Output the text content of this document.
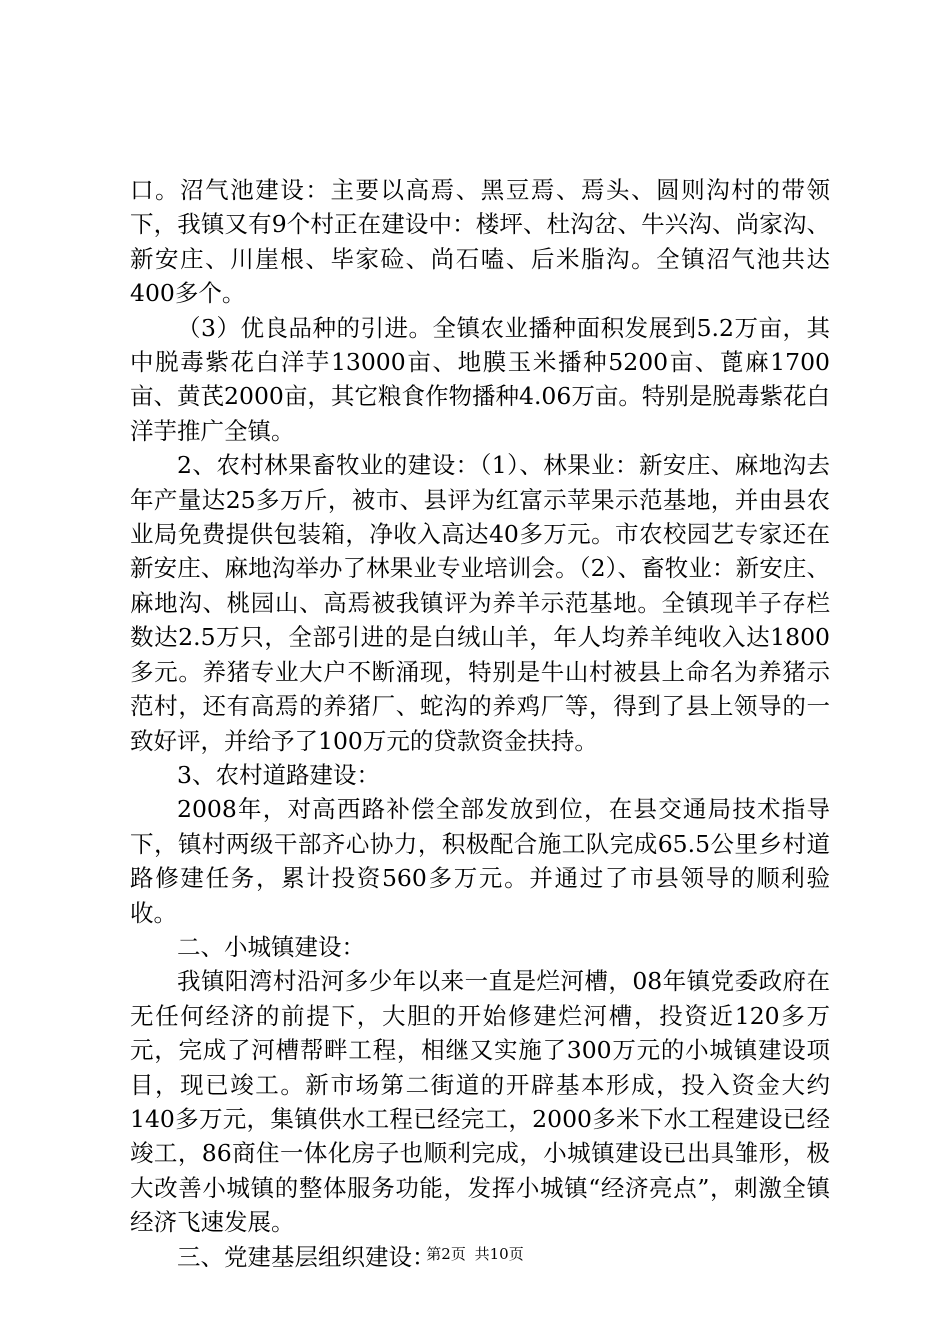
口。沼气池建设：主要以高焉、黑豆焉、焉头、圆则沟村的带领下，我镇又有9个村正在建设中：楼坪、杜沟岔、牛兴沟、尚家沟、新安庄、川崖根、毕家硷、尚石嗑、后米脂沟。全镇沼气池共达400多个。

（3）优良品种的引进。全镇农业播种面积发展到5.2万亩，其中脱毒紫花白洋芋13000亩、地膜玉米播种5200亩、蓖麻1700亩、黄芪2000亩，其它粮食作物播种4.06万亩。特别是脱毒紫花白洋芋推广全镇。

2、农村林果畜牧业的建设：（1）、林果业：新安庄、麻地沟去年产量达25多万斤，被市、县评为红富示苹果示范基地，并由县农业局免费提供包装箱，净收入高达40多万元。市农校园艺专家还在新安庄、麻地沟举办了林果业专业培训会。（2）、畜牧业：新安庄、麻地沟、桃园山、高焉被我镇评为养羊示范基地。全镇现羊子存栏数达2.5万只，全部引进的是白绒山羊，年人均养羊纯收入达1800多元。养猪专业大户不断涌现，特别是牛山村被县上命名为养猪示范村，还有高焉的养猪厂、蛇沟的养鸡厂等，得到了县上领导的一致好评，并给予了100万元的贷款资金扶持。

3、农村道路建设：

2008年，对高西路补偿全部发放到位，在县交通局技术指导下，镇村两级干部齐心协力，积极配合施工队完成65.5公里乡村道路修建任务，累计投资560多万元。并通过了市县领导的顺利验收。

二、小城镇建设：

我镇阳湾村沿河多少年以来一直是烂河槽，08年镇党委政府在无任何经济的前提下，大胆的开始修建烂河槽，投资近120多万元，完成了河槽帮畔工程，相继又实施了300万元的小城镇建设项目，现已竣工。新市场第二街道的开辟基本形成，投入资金大约140多万元，集镇供水工程已经完工，2000多米下水工程建设已经竣工，86商住一体化房子也顺利完成，小城镇建设已出具雏形，极大改善小城镇的整体服务功能，发挥小城镇“经济亮点”，刺激全镇经济飞速发展。

三、党建基层组织建设：

第2页 共10页
